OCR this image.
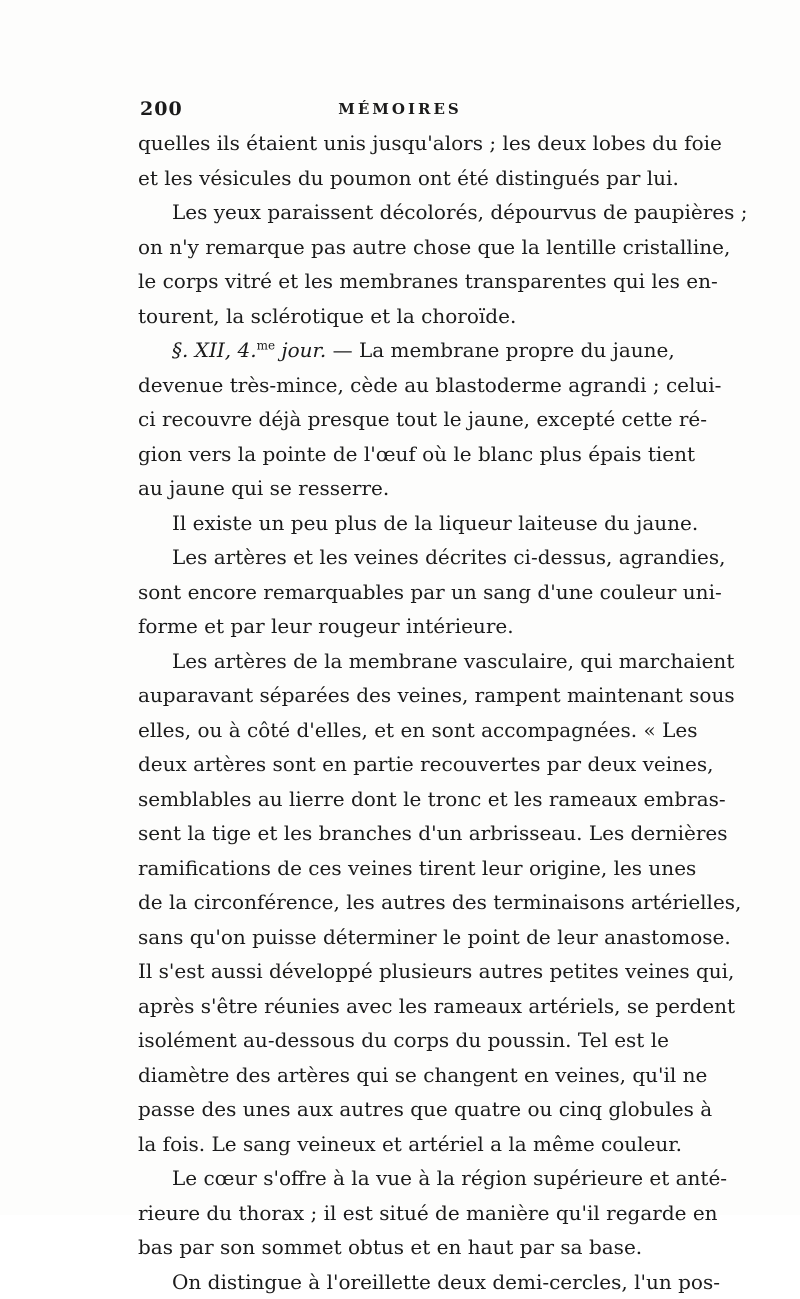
200	MÉMOIRES
quelles ils étaient unis jusqu'alors ; les deux lobes du foie
et les vésicules du poumon ont été distingués par lui.
Les yeux paraissent décolorés, dépourvus de paupières ;
on n'y remarque pas autre chose que la lentille cristalline,
le corps vitré et les membranes transparentes qui les en-
tourent, la sclérotique et la choroïde.
§. XII, 4.$^{me}$ jour. — La membrane propre du jaune,
devenue très-mince, cède au blastoderme agrandi ; celui-
ci recouvre déjà presque tout le jaune, excepté cette ré-
gion vers la pointe de l'œuf où le blanc plus épais tient
au jaune qui se resserre.
Il existe un peu plus de la liqueur laiteuse du jaune.
Les artères et les veines décrites ci-dessus, agrandies,
sont encore remarquables par un sang d'une couleur uni-
forme et par leur rougeur intérieure.
Les artères de la membrane vasculaire, qui marchaient
auparavant séparées des veines, rampent maintenant sous
elles, ou à côté d'elles, et en sont accompagnées. « Les
deux artères sont en partie recouvertes par deux veines,
semblables au lierre dont le tronc et les rameaux embras-
sent la tige et les branches d'un arbrisseau. Les dernières
ramifications de ces veines tirent leur origine, les unes
de la circonférence, les autres des terminaisons artérielles,
sans qu'on puisse déterminer le point de leur anastomose.
Il s'est aussi développé plusieurs autres petites veines qui,
après s'être réunies avec les rameaux artériels, se perdent
isolément au-dessous du corps du poussin. Tel est le
diamètre des artères qui se changent en veines, qu'il ne
passe des unes aux autres que quatre ou cinq globules à
la fois. Le sang veineux et artériel a la même couleur.
Le cœur s'offre à la vue à la région supérieure et anté-
rieure du thorax ; il est situé de manière qu'il regarde en
bas par son sommet obtus et en haut par sa base.
On distingue à l'oreillette deux demi-cercles, l'un pos-
